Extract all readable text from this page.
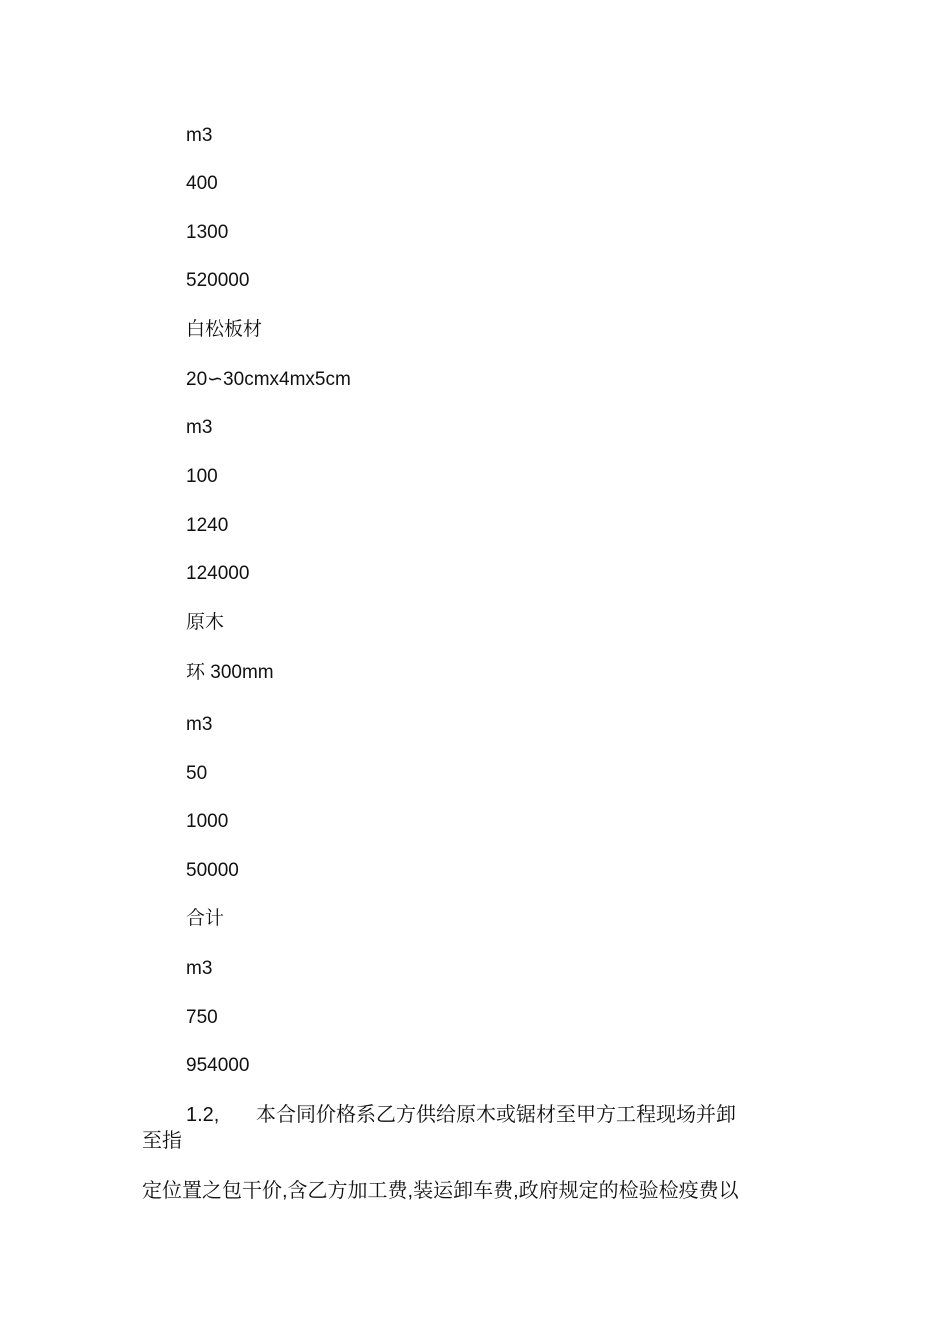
m3
400
1300
520000
白松板材
20∽30cmx4mx5cm
m3
100
1240
124000
原木
环 300mm
m3
50
1000
50000
合计
m3
750
954000
1.2, 本合同价格系乙方供给原木或锯材至甲方工程现场并卸
至指
定位置之包干价,含乙方加工费,装运卸车费,政府规定的检验检疫费以
